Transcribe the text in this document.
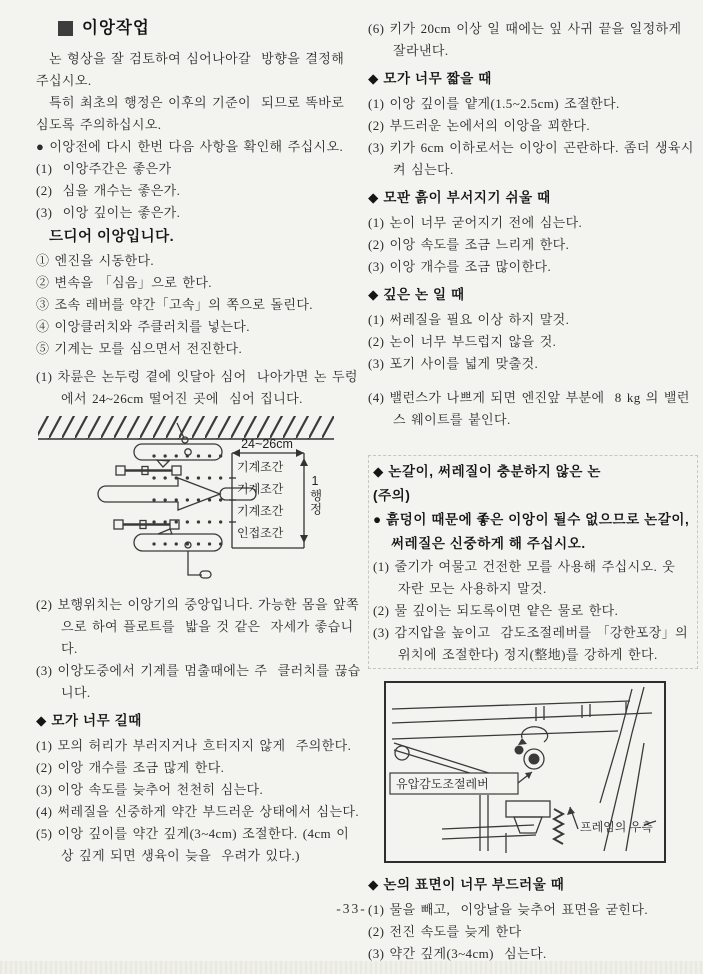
이앙작업

논 형상을 잘 검토하여 심어나아갈  방향을 결정해 주십시오.

특히 최초의 행정은 이후의 기준이  되므로 똑바로 심도록 주의하십시오.

● 이앙전에 다시 한번 다음 사항을 확인해 주십시오.

(1)  이앙주간은 좋은가

(2)  심을 개수는 좋은가.

(3)  이앙 깊이는 좋은가.

드디어 이앙입니다.

① 엔진을 시동한다.

② 변속을 「심음」으로 한다.

③ 조속 레버를 약간「고속」의 쪽으로 돌린다.

④ 이앙클러치와 주클러치를 넣는다.

⑤ 기계는 모를 심으면서 전진한다.

(1) 차륜은 논두렁 곁에 잇달아 심어  나아가면 논 두렁에서 24~26cm 떨어진 곳에  심어 집니다.

24~26cm
기계조간
기계조간
기계조간
인접조간
1행정

(2) 보행위치는 이앙기의 중앙입니다. 가능한 몸을 앞쪽으로 하여 플로트를  밟을 것 같은  자세가 좋습니다.

(3) 이앙도중에서 기계를 멈출때에는 주  클러치를 끊습니다.

◆ 모가 너무 길때

(1) 모의 허리가 부러지거나 흐터지지 않게  주의한다.

(2) 이앙 개수를 조금 많게 한다.

(3) 이앙 속도를 늦추어 천천히 심는다.

(4) 써레질을 신중하게 약간 부드러운 상태에서 심는다.

(5) 이앙 깊이를 약간 깊게(3~4cm) 조절한다. (4cm 이상 깊게 되면 생육이 늦을  우려가 있다.)

(6) 키가 20cm 이상 일 때에는 잎 사귀 끝을 일정하게 잘라낸다.

◆ 모가 너무 짧을 때

(1) 이앙 깊이를 얕게(1.5~2.5cm) 조절한다.

(2) 부드러운 논에서의 이앙을 꾀한다.

(3) 키가 6cm 이하로서는 이앙이 곤란하다. 좀더 생육시켜 심는다.

◆ 모판 흙이 부서지기 쉬울 때

(1) 논이 너무 굳어지기 전에 심는다.

(2) 이앙 속도를 조금 느리게 한다.

(3) 이앙 개수를 조금 많이한다.

◆ 깊은 논 일 때

(1) 써레질을 필요 이상 하지 말것.

(2) 논이 너무 부드럽지 않을 것.

(3) 포기 사이를 넓게 맞출것.

(4) 밸런스가 나쁘게 되면 엔진앞 부분에  8 kg 의 밸런스 웨이트를 붙인다.

◆ 논갈이, 써레질이 충분하지 않은 논

(주의)

● 흙덩이 때문에 좋은 이앙이 될수 없으므로 논갈이, 써레질은 신중하게 해 주십시오.

(1) 줄기가 여물고 건전한 모를 사용해 주십시오. 웃 자란 모는 사용하지 말것.

(2) 물 깊이는 되도록이면 얕은 물로 한다.

(3) 감지압을 높이고  감도조절레버를 「강한포장」의 위치에 조절한다) 정지(整地)를 강하게 한다.

유압감도조절레버
프레임의 우측

◆ 논의 표면이 너무 부드러울 때

(1) 물을 빼고,  이앙날을 늦추어 표면을 굳힌다.

(2) 전진 속도를 늦게 한다

(3) 약간 깊게(3~4cm)  심는다.

-33-
